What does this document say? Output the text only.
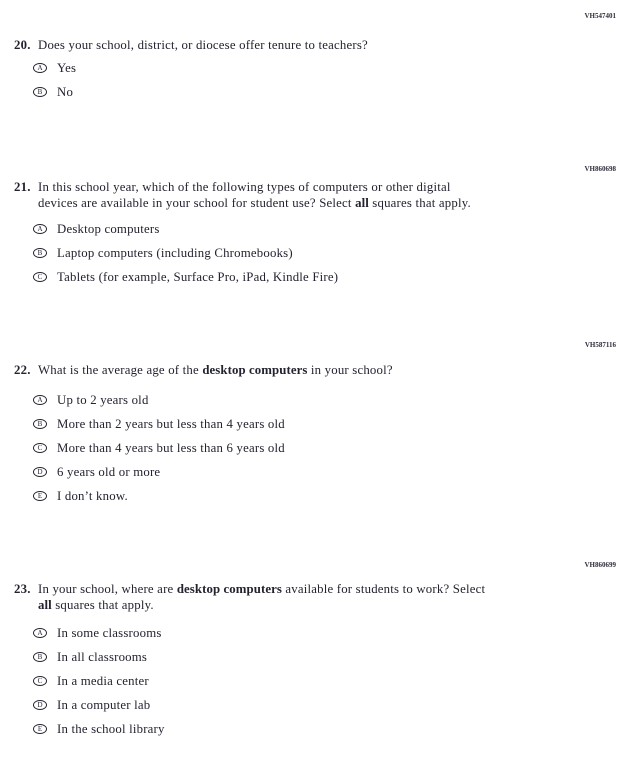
VH547401
20. Does your school, district, or diocese offer tenure to teachers?
A	Yes
B	No
VH860698
21. In this school year, which of the following types of computers or other digital
devices are available in your school for student use? Select all squares that apply.
A	Desktop computers
B	Laptop computers (including Chromebooks)
C	Tablets (for example, Surface Pro, iPad, Kindle Fire)
VH587116
22. What is the average age of the desktop computers in your school?
A	Up to 2 years old
B	More than 2 years but less than 4 years old
C	More than 4 years but less than 6 years old
D	6 years old or more
E	I don’t know.
VH860699
23. In your school, where are desktop computers available for students to work? Select
all squares that apply.
A	In some classrooms
B	In all classrooms
C	In a media center
D	In a computer lab
E	In the school library
